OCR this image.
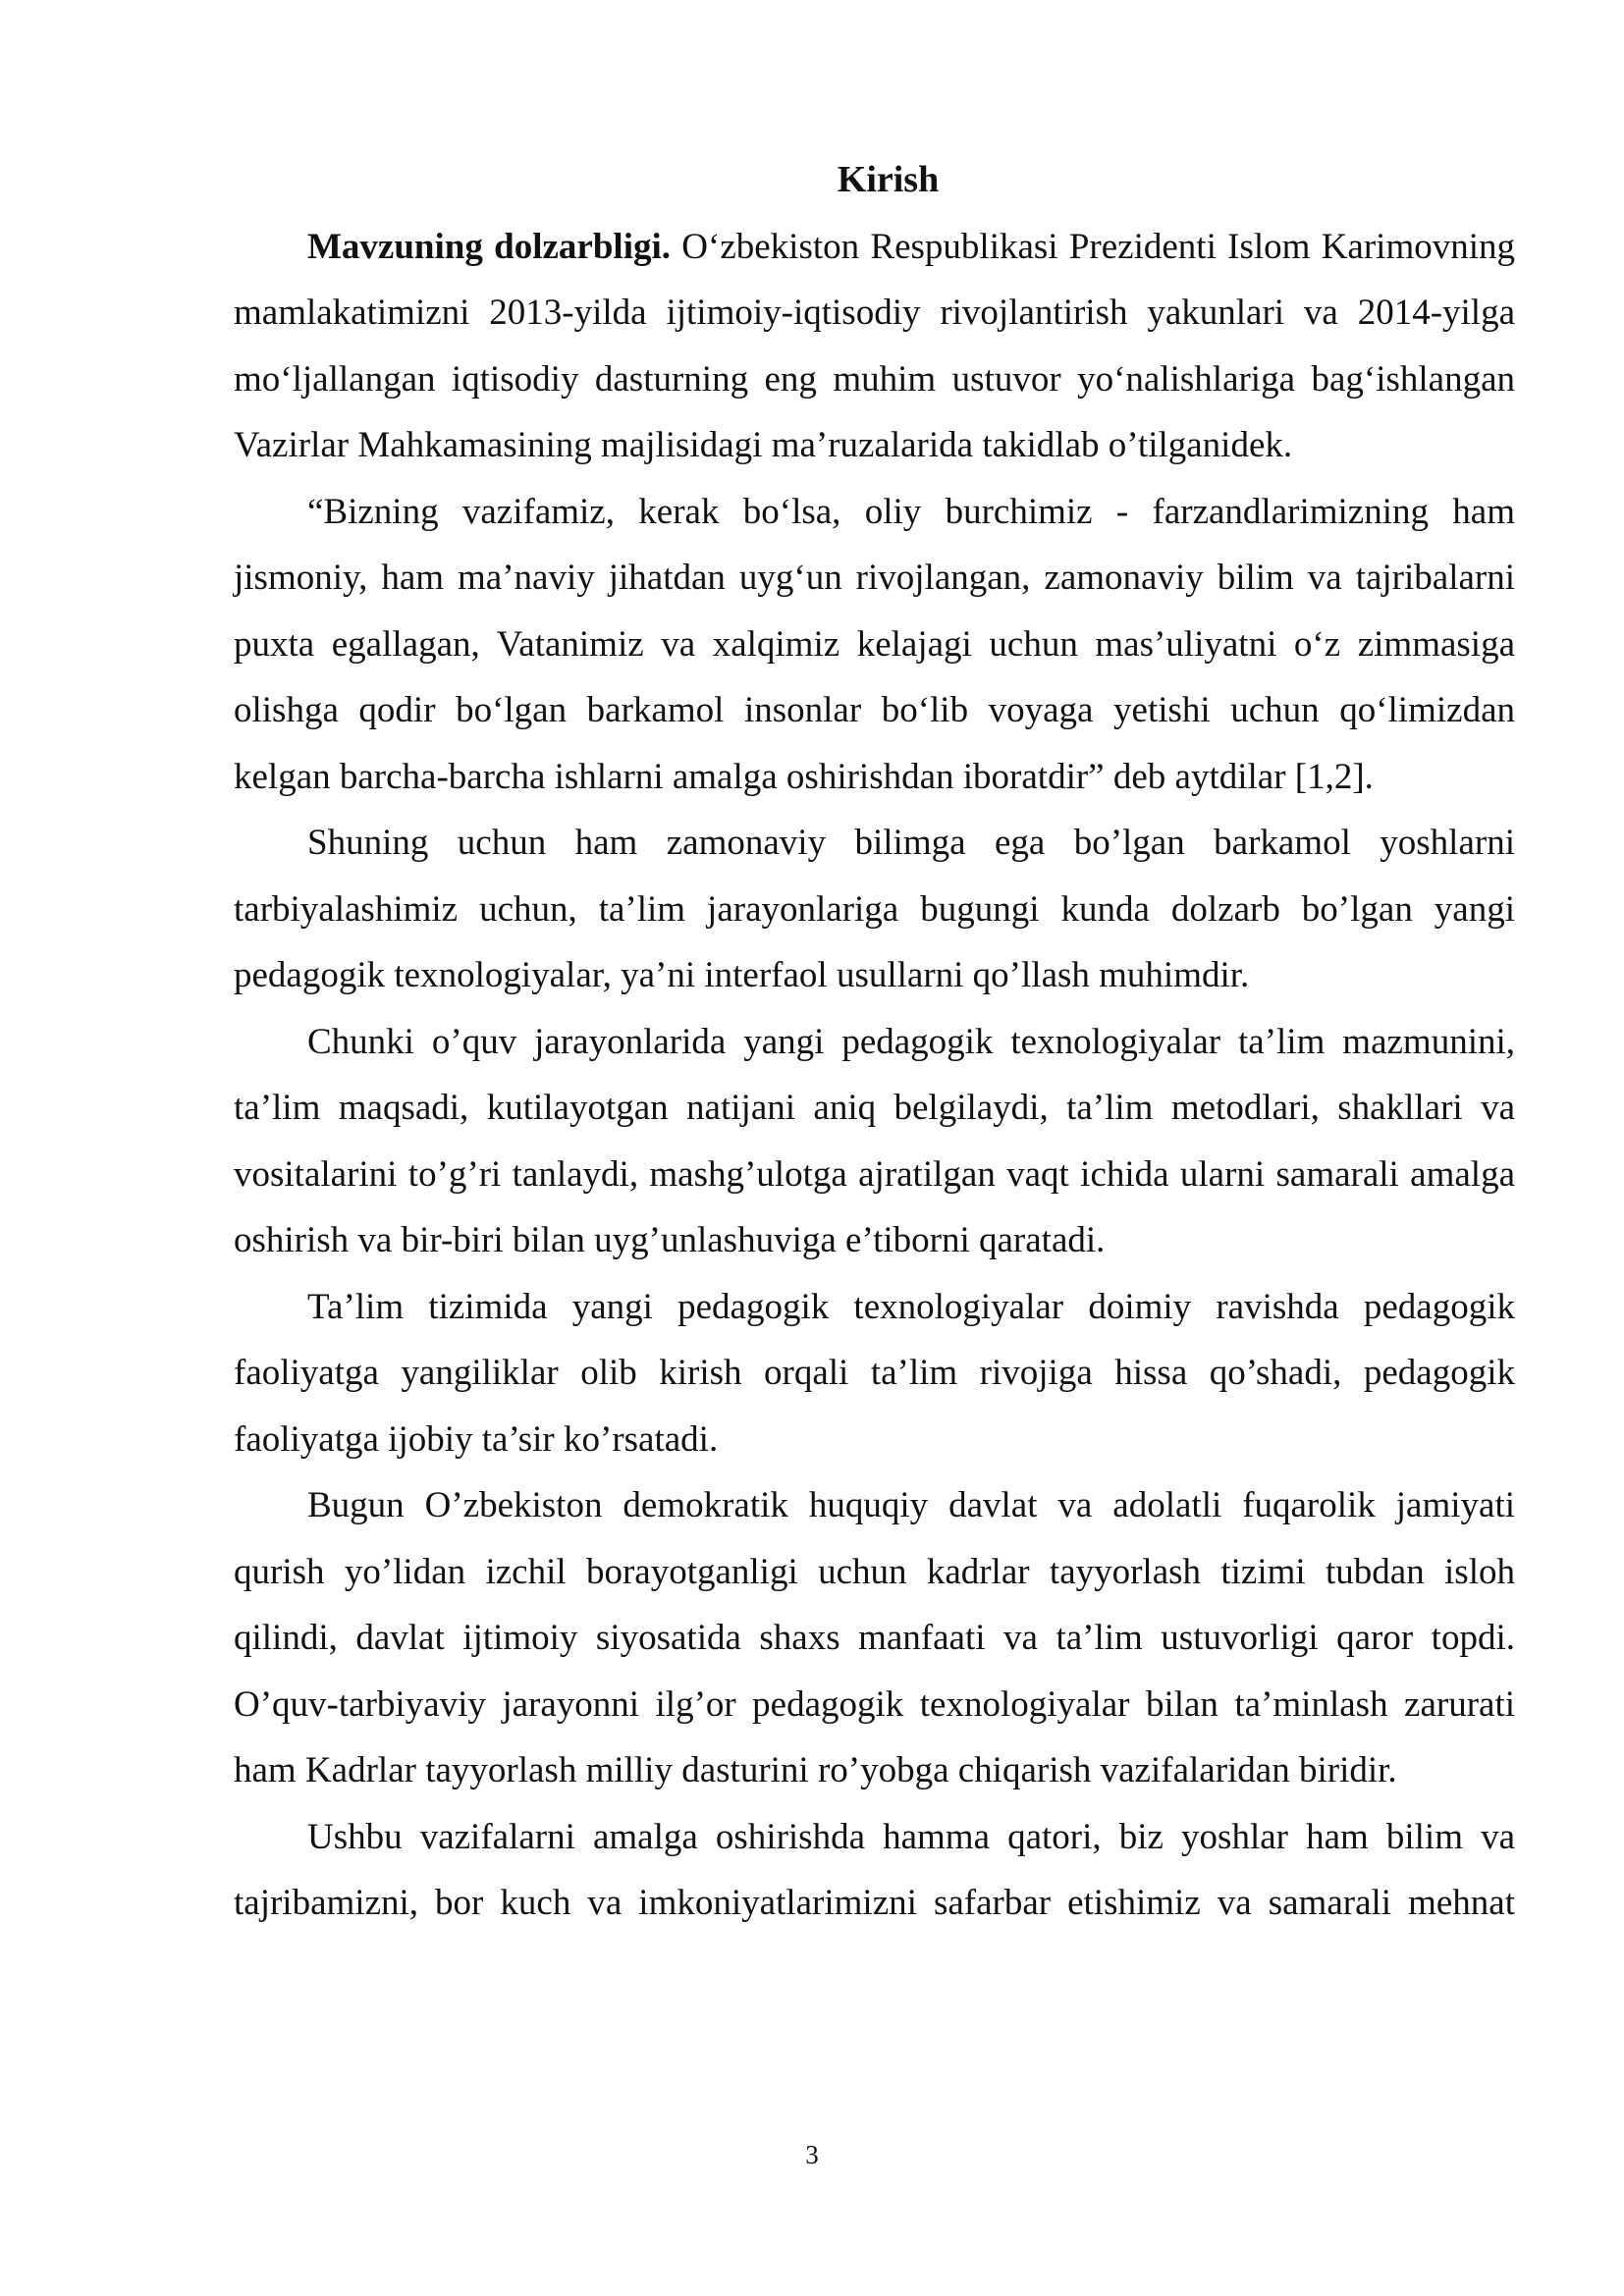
Kirish

Mavzuning dolzarbligi. O‘zbekiston Respublikasi Prezidenti Islom Karimovning mamlakatimizni 2013-yilda ijtimoiy-iqtisodiy rivojlantirish yakunlari va 2014-yilga mo‘ljallangan iqtisodiy dasturning eng muhim ustuvor yo‘nalishlariga bag‘ishlangan Vazirlar Mahkamasining majlisidagi ma’ruzalarida takidlab o’tilganidek.

“Bizning vazifamiz, kerak bo‘lsa, oliy burchimiz - farzandlarimizning ham jismoniy, ham ma’naviy jihatdan uyg‘un rivojlangan, zamonaviy bilim va tajribalarni puxta egallagan, Vatanimiz va xalqimiz kelajagi uchun mas’uliyatni o‘z zimmasiga olishga qodir bo‘lgan barkamol insonlar bo‘lib voyaga yetishi uchun qo‘limizdan kelgan barcha-barcha ishlarni amalga oshirishdan iboratdir” deb aytdilar [1,2].

Shuning uchun ham zamonaviy bilimga ega bo’lgan barkamol yoshlarni tarbiyalashimiz uchun, ta’lim jarayonlariga bugungi kunda dolzarb bo’lgan yangi pedagogik texnologiyalar, ya’ni interfaol usullarni qo’llash muhimdir.

Chunki o’quv jarayonlarida yangi pedagogik texnologiyalar ta’lim mazmunini, ta’lim maqsadi, kutilayotgan natijani aniq belgilaydi, ta’lim metodlari, shakllari va vositalarini to’g’ri tanlaydi, mashg’ulotga ajratilgan vaqt ichida ularni samarali amalga oshirish va bir-biri bilan uyg’unlashuviga e’tiborni qaratadi.

Ta’lim tizimida yangi pedagogik texnologiyalar doimiy ravishda pedagogik faoliyatga yangiliklar olib kirish orqali ta’lim rivojiga hissa qo’shadi, pedagogik faoliyatga ijobiy ta’sir ko’rsatadi.

Bugun O’zbekiston demokratik huquqiy davlat va adolatli fuqarolik jamiyati qurish yo’lidan izchil borayotganligi uchun kadrlar tayyorlash tizimi tubdan isloh qilindi, davlat ijtimoiy siyosatida shaxs manfaati va ta’lim ustuvorligi qaror topdi. O’quv-tarbiyaviy jarayonni ilg’or pedagogik texnologiyalar bilan ta’minlash zarurati ham Kadrlar tayyorlash milliy dasturini ro’yobga chiqarish vazifalaridan biridir.

Ushbu vazifalarni amalga oshirishda hamma qatori, biz yoshlar ham bilim va tajribamizni, bor kuch va imkoniyatlarimizni safarbar etishimiz va samarali mehnat

3
